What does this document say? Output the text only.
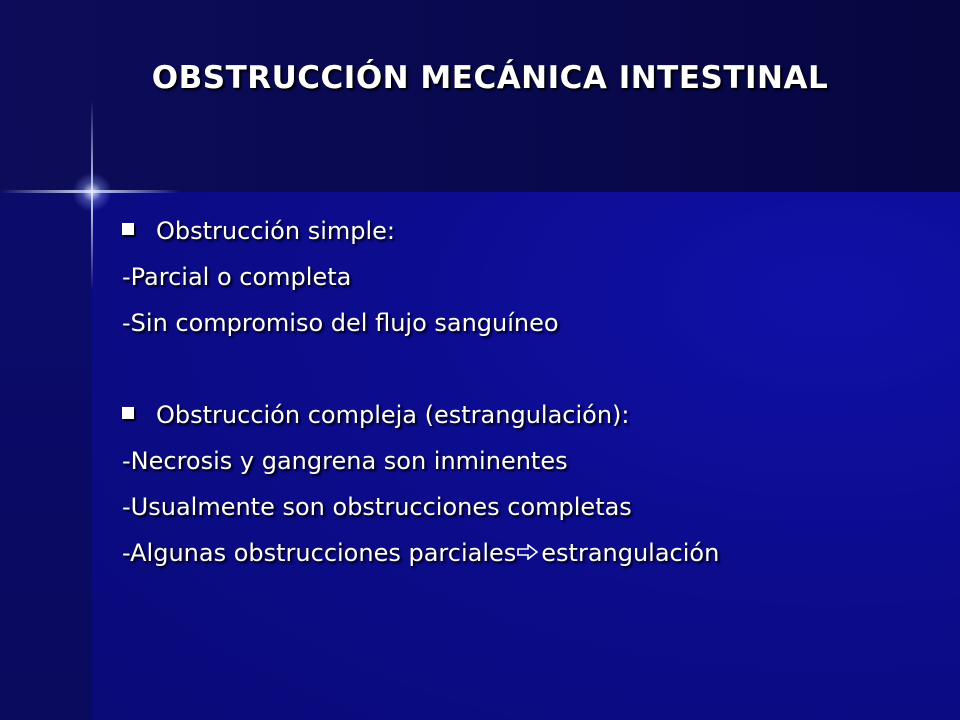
OBSTRUCCIÓN MECÁNICA INTESTINAL
Obstrucción simple:
-Parcial o completa
-Sin compromiso del flujo sanguíneo
Obstrucción compleja (estrangulación):
-Necrosis y gangrena son inminentes
-Usualmente son obstrucciones completas
-Algunas obstrucciones parciales estrangulación
